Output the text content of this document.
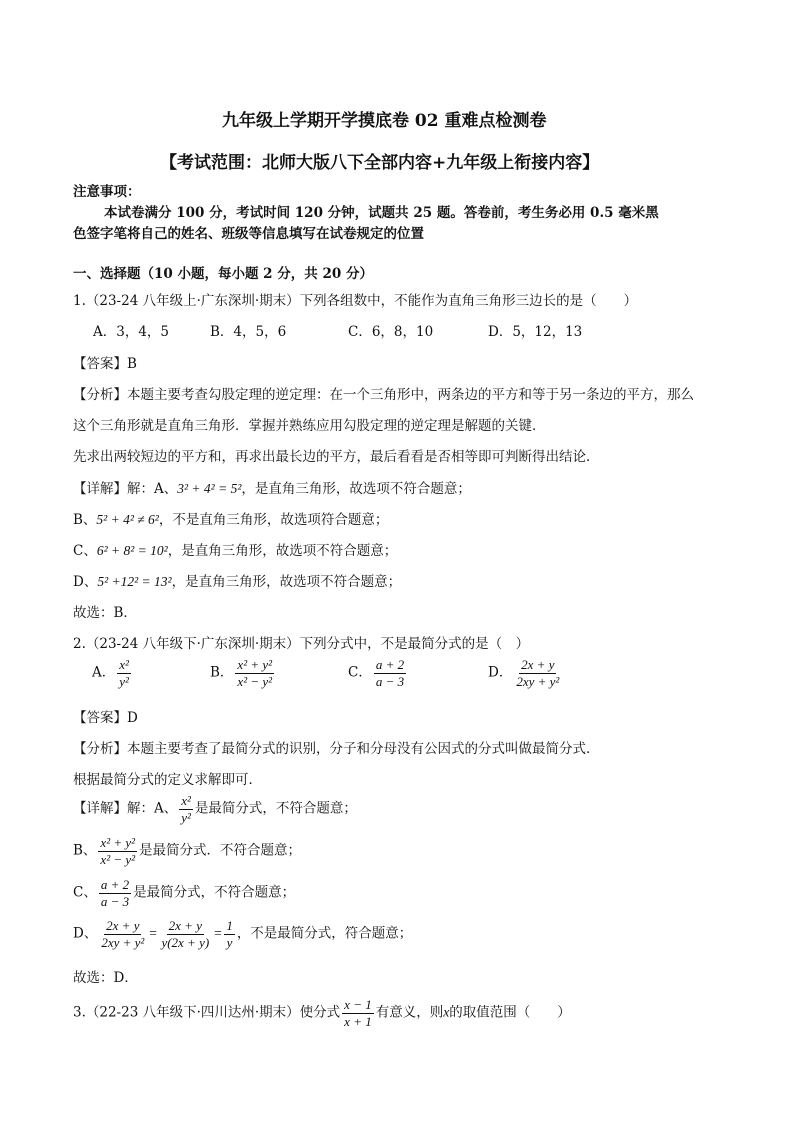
九年级上学期开学摸底卷 02 重难点检测卷
【考试范围：北师大版八下全部内容+九年级上衔接内容】
注意事项：
本试卷满分 100 分，考试时间 120 分钟，试题共 25 题。答卷前，考生务必用 0.5 毫米黑
色签字笔将自己的姓名、班级等信息填写在试卷规定的位置
一、选择题（10 小题，每小题 2 分，共 20 分）
1.（23-24 八年级上·广东深圳·期末）下列各组数中，不能作为直角三角形三边长的是（　　）
A．3，4，5	B．4，5，6	C．6，8，10	D．5，12，13
【答案】B
【分析】本题主要考查勾股定理的逆定理：在一个三角形中，两条边的平方和等于另一条边的平方，那么
这个三角形就是直角三角形．掌握并熟练应用勾股定理的逆定理是解题的关键．
先求出两较短边的平方和，再求出最长边的平方，最后看看是否相等即可判断得出结论．
【详解】解：A、3² + 4² = 5²，是直角三角形，故选项不符合题意；
B、5² + 4² ≠ 6²，不是直角三角形，故选项符合题意；
C、6² + 8² = 10²，是直角三角形，故选项不符合题意；
D、5² +12² = 13²，是直角三角形，故选项不符合题意；
故选：B．
2.（23-24 八年级下·广东深圳·期末）下列分式中，不是最简分式的是（　）
A． $\frac{\text{x²}}{\text{y²}}$	B． $\frac{\text{x² + y²}}{\text{x² − y²}}$	C． $\frac{a + 2}{a - 3}$	D． $\frac{2x + y}{\text{2xy + y²}}$
【答案】D
【分析】本题主要考查了最简分式的识别，分子和分母没有公因式的分式叫做最简分式．
根据最简分式的定义求解即可．
【详解】解：A、 $\frac{\text{x²}}{\text{y²}}$ 是最简分式，不符合题意；
B、 $\frac{\text{x² + y²}}{\text{x² − y²}}$ 是最简分式．不符合题意；
C、 $\frac{a + 2}{a - 3}$ 是最简分式，不符合题意；
D、 $\frac{2x + y}{\text{2xy + y²}} = \frac{2x + y}{y(2x + y)} = \frac{1}{y}$ ，不是最简分式，符合题意；
故选：D．
3.（22-23 八年级下·四川达州·期末）使分式 $\frac{x - 1}{x + 1}$ 有意义，则x的取值范围（　　）
